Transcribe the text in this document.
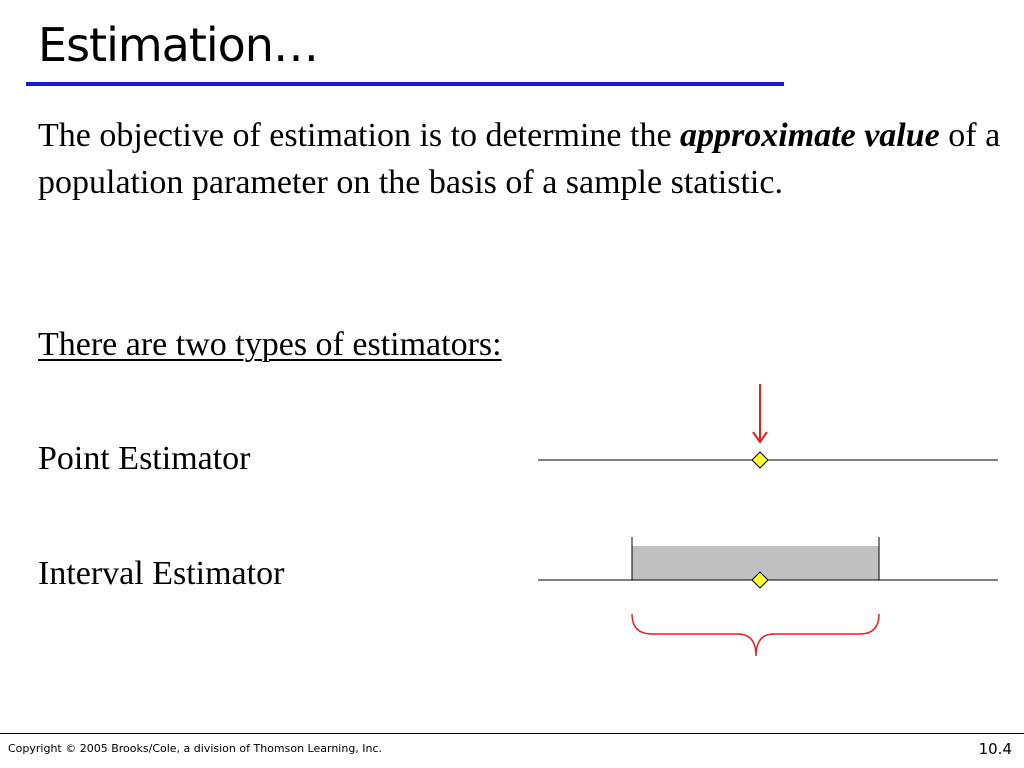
Estimation…
The objective of estimation is to determine the approximate value of a population parameter on the basis of a sample statistic.
There are two types of estimators:
Point Estimator
Interval Estimator
Copyright © 2005 Brooks/Cole, a division of Thomson Learning, Inc.	10.4
